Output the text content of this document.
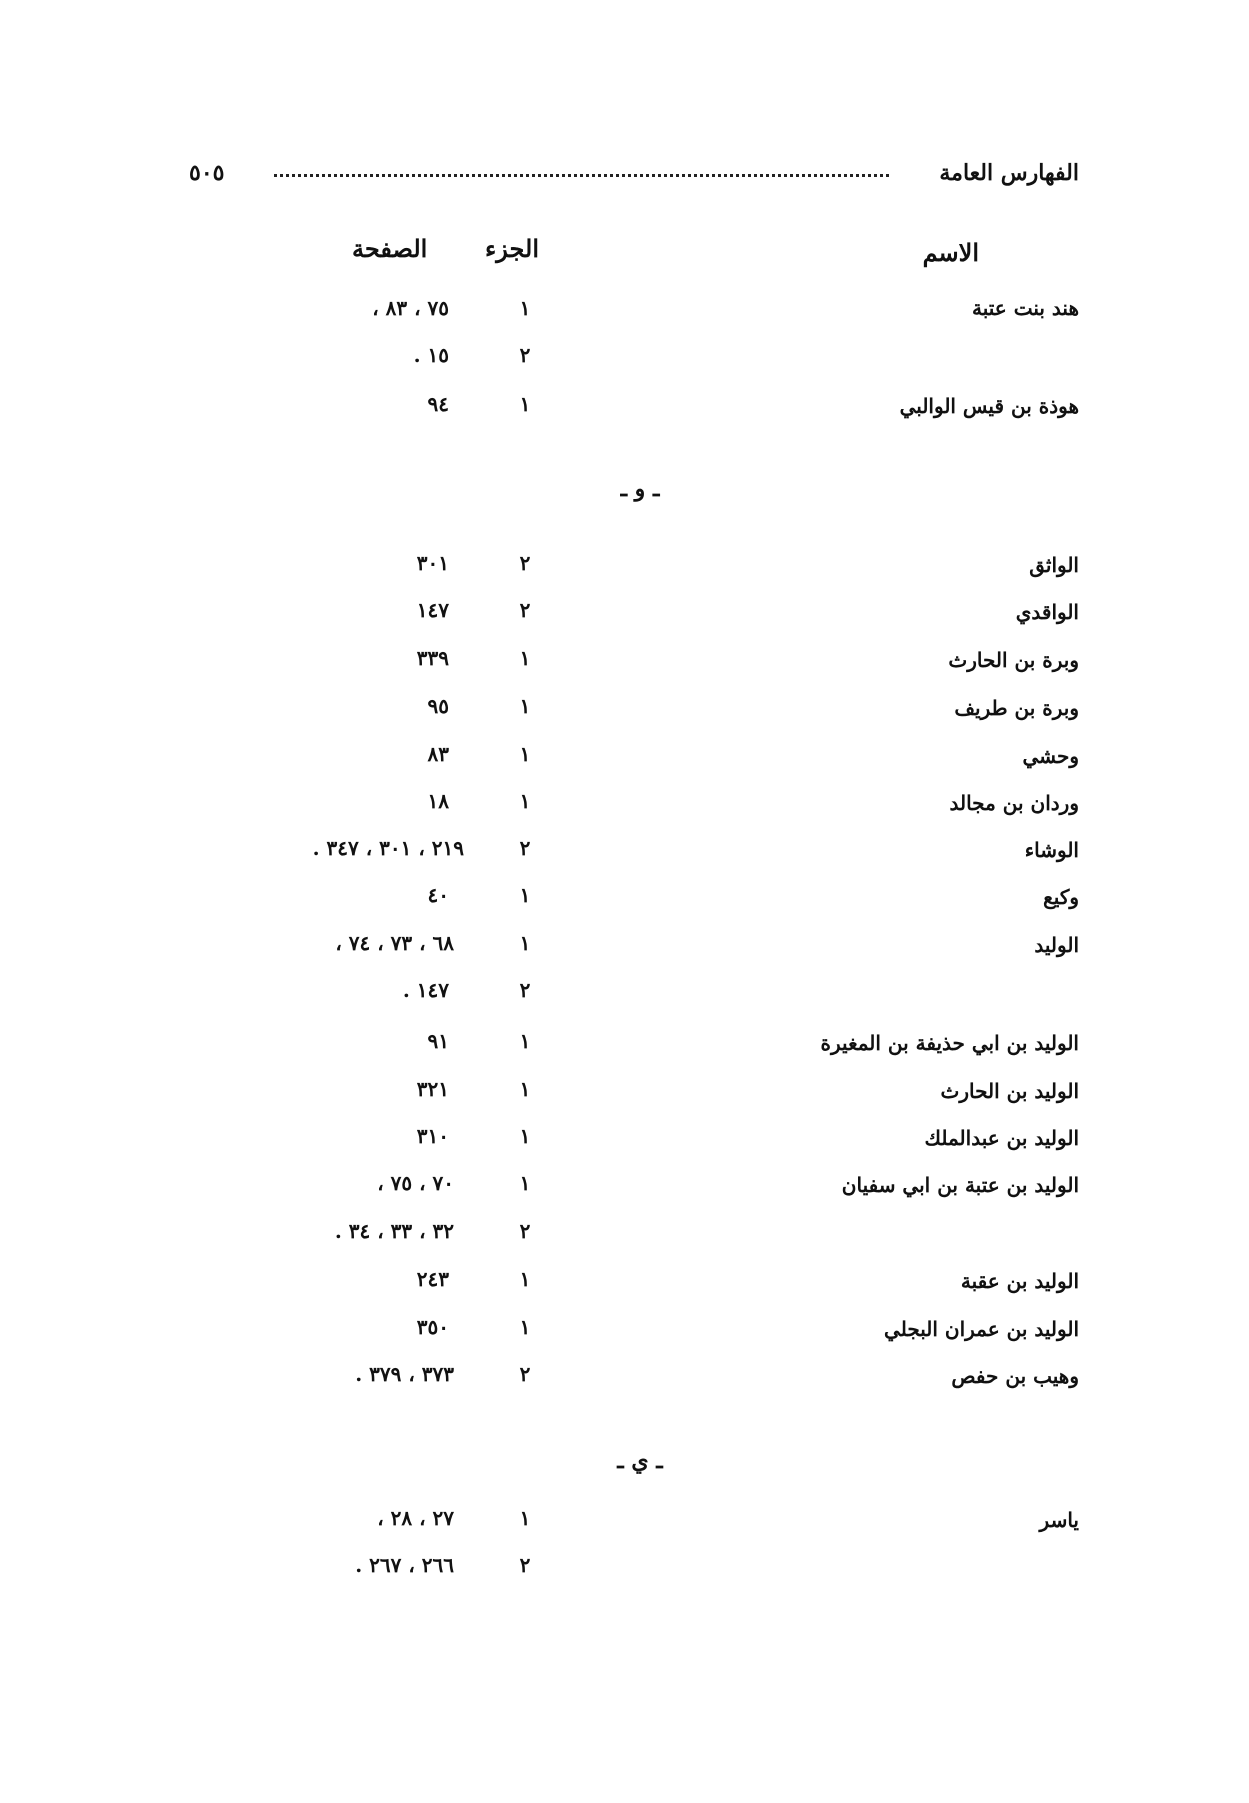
الفهارس العامة
٥٠٥
الاسم
الجزء
الصفحة
هند بنت عتبة
١
٧٥ ، ٨٣ ،
٢
١٥ .
هوذة بن قيس الوالبي
١
٩٤
ـ و ـ
الواثق
٢
٣٠١
الواقدي
٢
١٤٧
وبرة بن الحارث
١
٣٣٩
وبرة بن طريف
١
٩٥
وحشي
١
٨٣
وردان بن مجالد
١
١٨
الوشاء
٢
٢١٩ ، ٣٠١ ، ٣٤٧ .
وكيع
١
٤٠
الوليد
١
٦٨ ، ٧٣ ، ٧٤ ،
٢
١٤٧ .
الوليد بن ابي حذيفة بن المغيرة
١
٩١
الوليد بن الحارث
١
٣٢١
الوليد بن عبدالملك
١
٣١٠
الوليد بن عتبة بن ابي سفيان
١
٧٠ ، ٧٥ ،
٢
٣٢ ، ٣٣ ، ٣٤ .
الوليد بن عقبة
١
٢٤٣
الوليد بن عمران البجلي
١
٣٥٠
وهيب بن حفص
٢
٣٧٣ ، ٣٧٩ .
ـ ي ـ
ياسر
١
٢٧ ، ٢٨ ،
٢
٢٦٦ ، ٢٦٧ .
